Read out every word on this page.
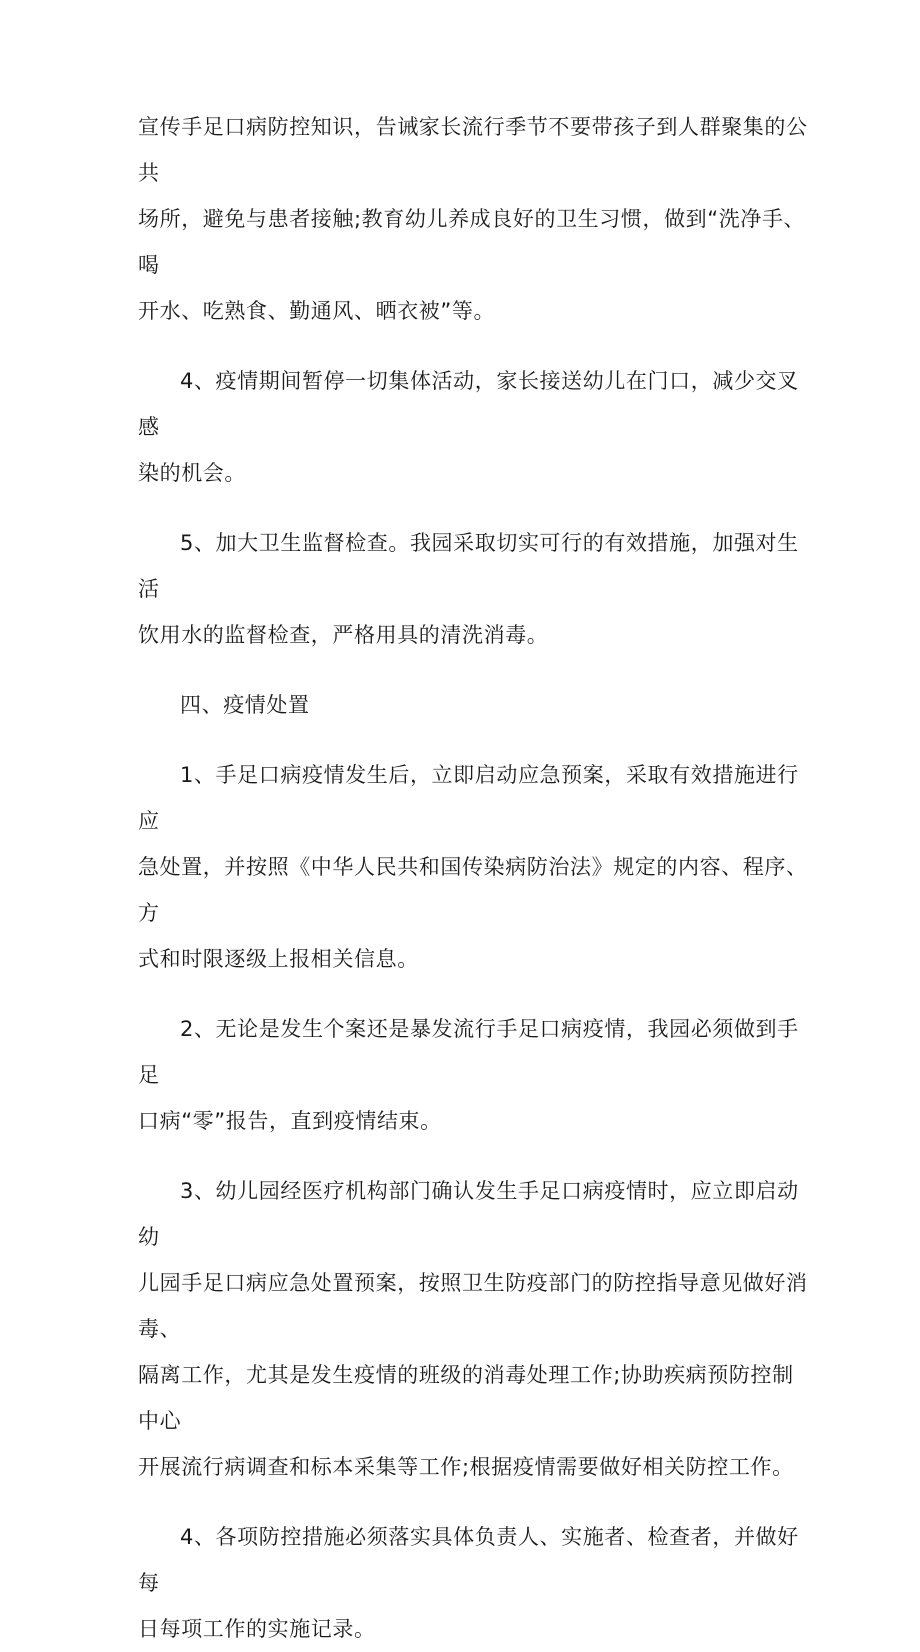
宣传手足口病防控知识，告诫家长流行季节不要带孩子到人群聚集的公共
场所，避免与患者接触;教育幼儿养成良好的卫生习惯，做到“洗净手、喝
开水、吃熟食、勤通风、晒衣被”等。

4、疫情期间暂停一切集体活动，家长接送幼儿在门口，减少交叉感
染的机会。

5、加大卫生监督检查。我园采取切实可行的有效措施，加强对生活
饮用水的监督检查，严格用具的清洗消毒。

四、疫情处置

1、手足口病疫情发生后，立即启动应急预案，采取有效措施进行应
急处置，并按照《中华人民共和国传染病防治法》规定的内容、程序、方
式和时限逐级上报相关信息。

2、无论是发生个案还是暴发流行手足口病疫情，我园必须做到手足
口病“零”报告，直到疫情结束。

3、幼儿园经医疗机构部门确认发生手足口病疫情时，应立即启动幼
儿园手足口病应急处置预案，按照卫生防疫部门的防控指导意见做好消毒、
隔离工作，尤其是发生疫情的班级的消毒处理工作;协助疾病预防控制中心
开展流行病调查和标本采集等工作;根据疫情需要做好相关防控工作。

4、各项防控措施必须落实具体负责人、实施者、检查者，并做好每
日每项工作的实施记录。
